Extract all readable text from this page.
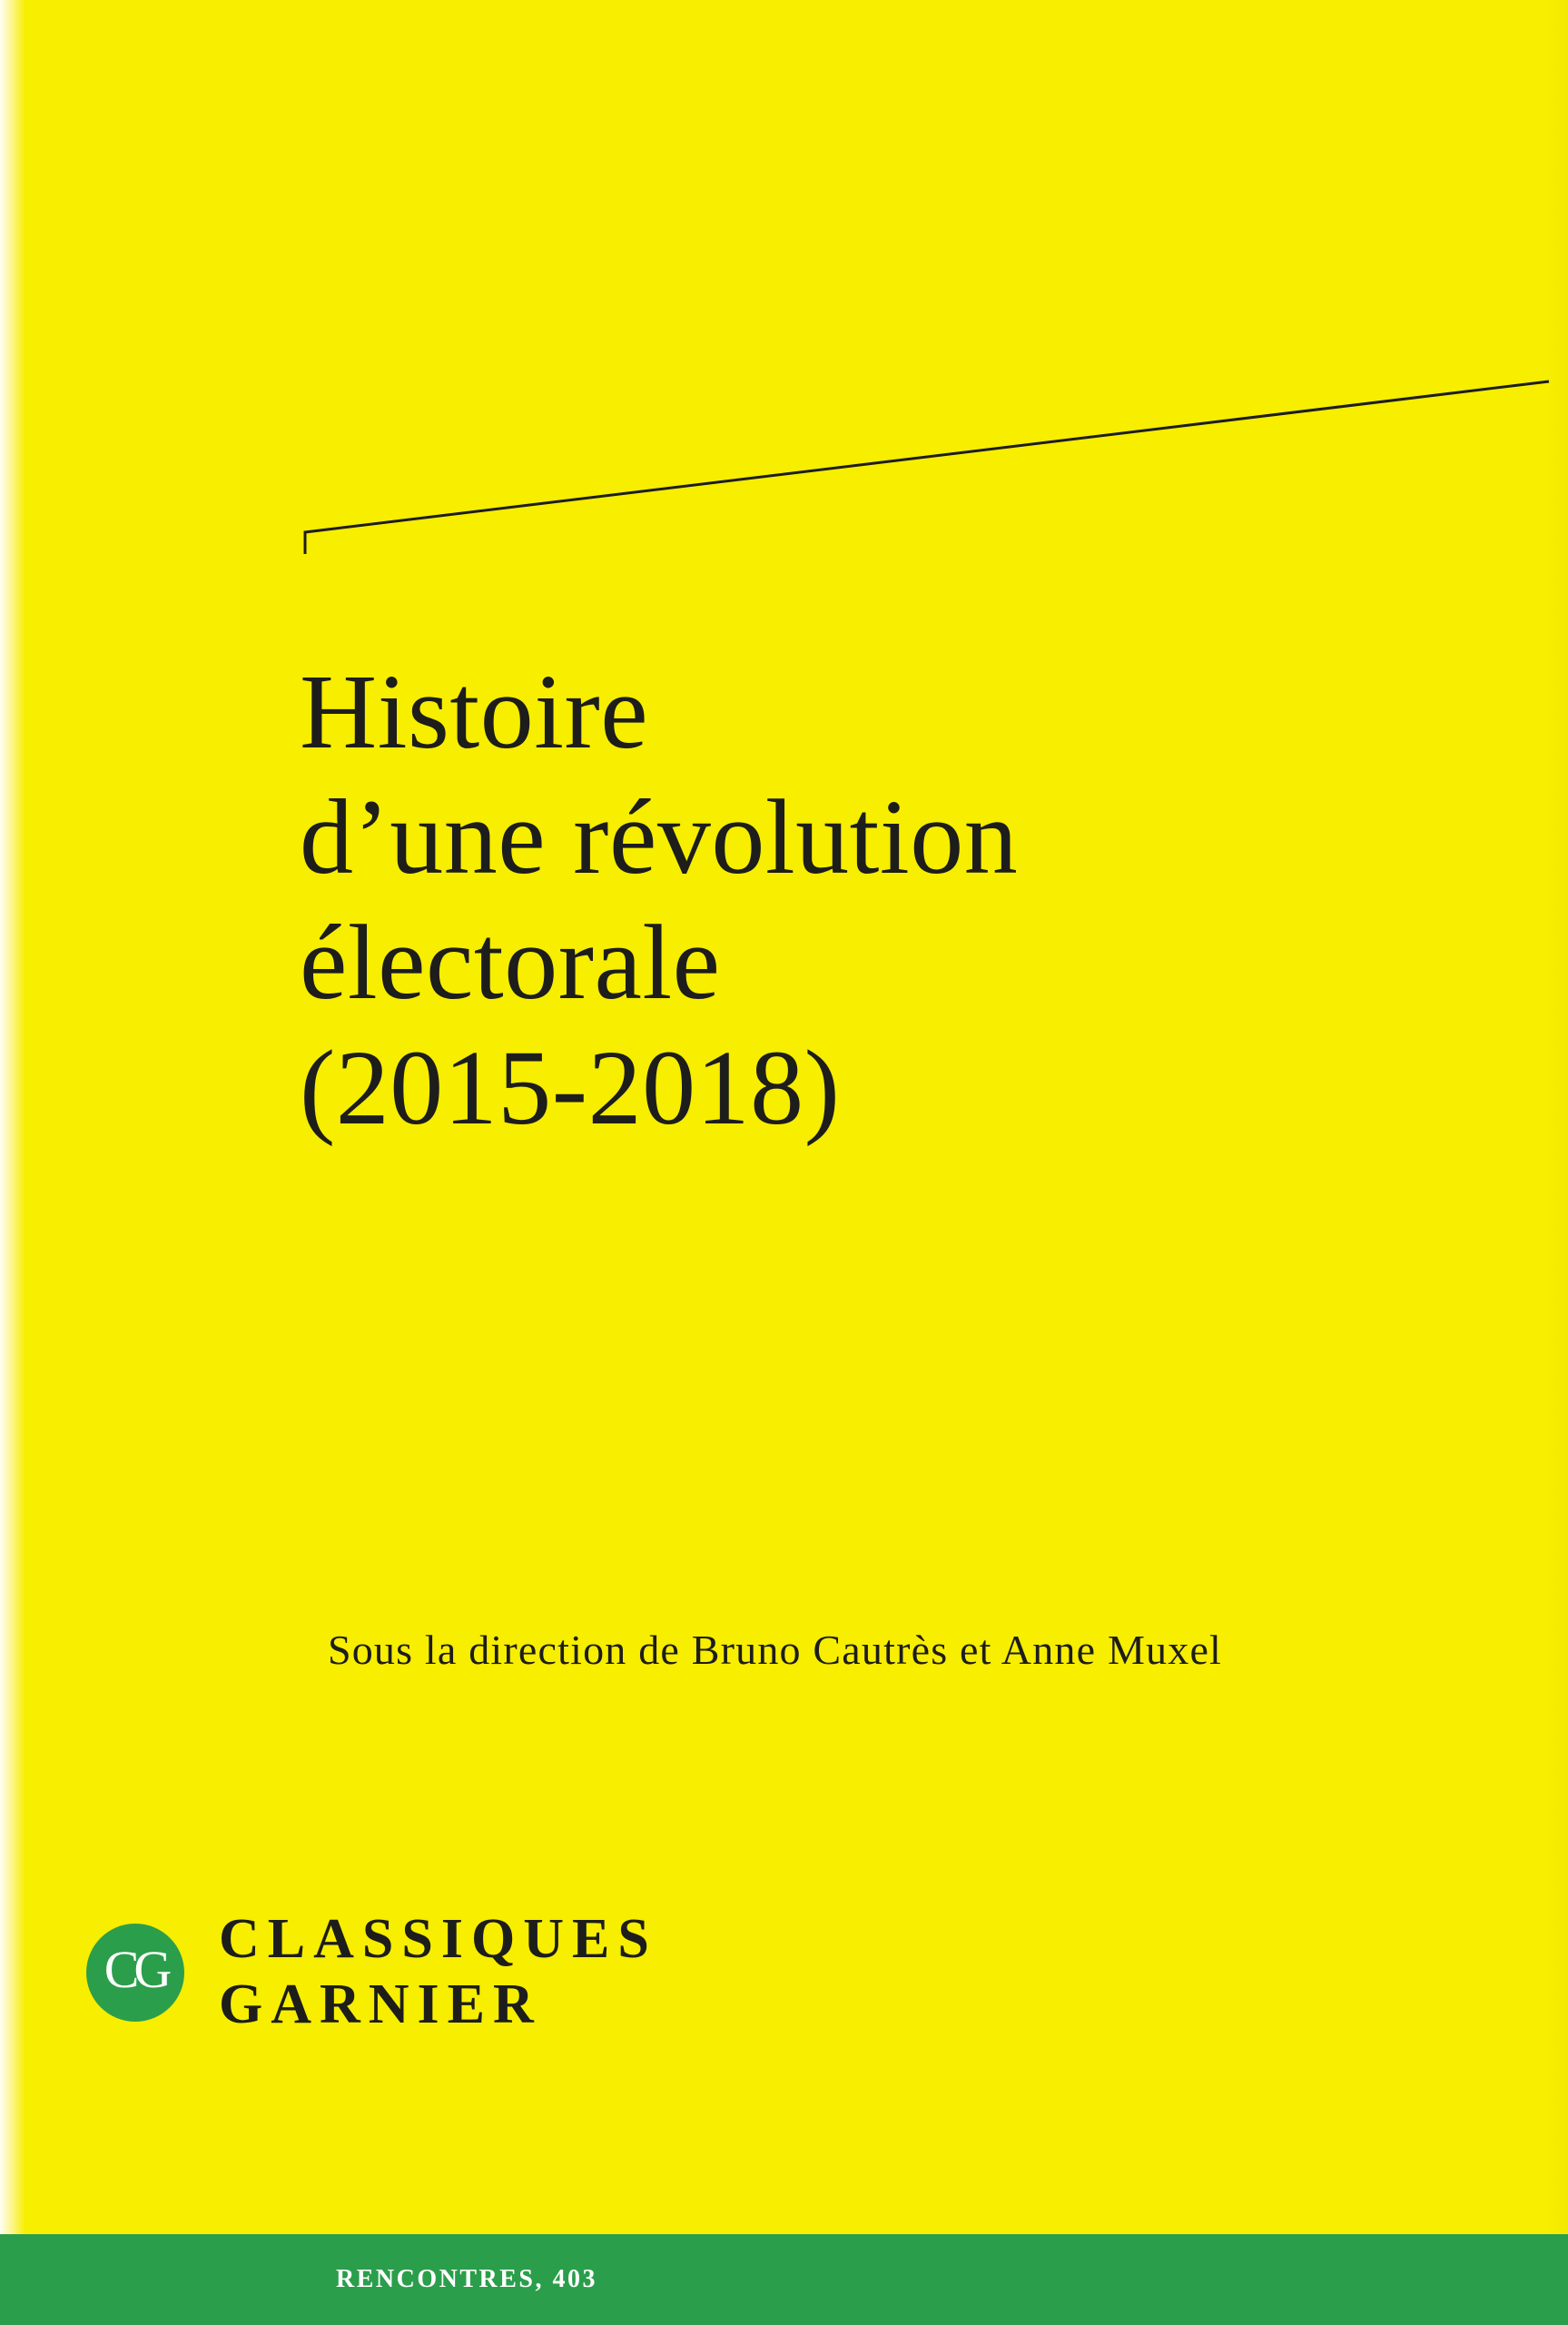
Histoire
d’une révolution
électorale
(2015-2018)
Sous la direction de Bruno Cautrès et Anne Muxel
CG CLASSIQUES
GARNIER
RENCONTRES, 403
